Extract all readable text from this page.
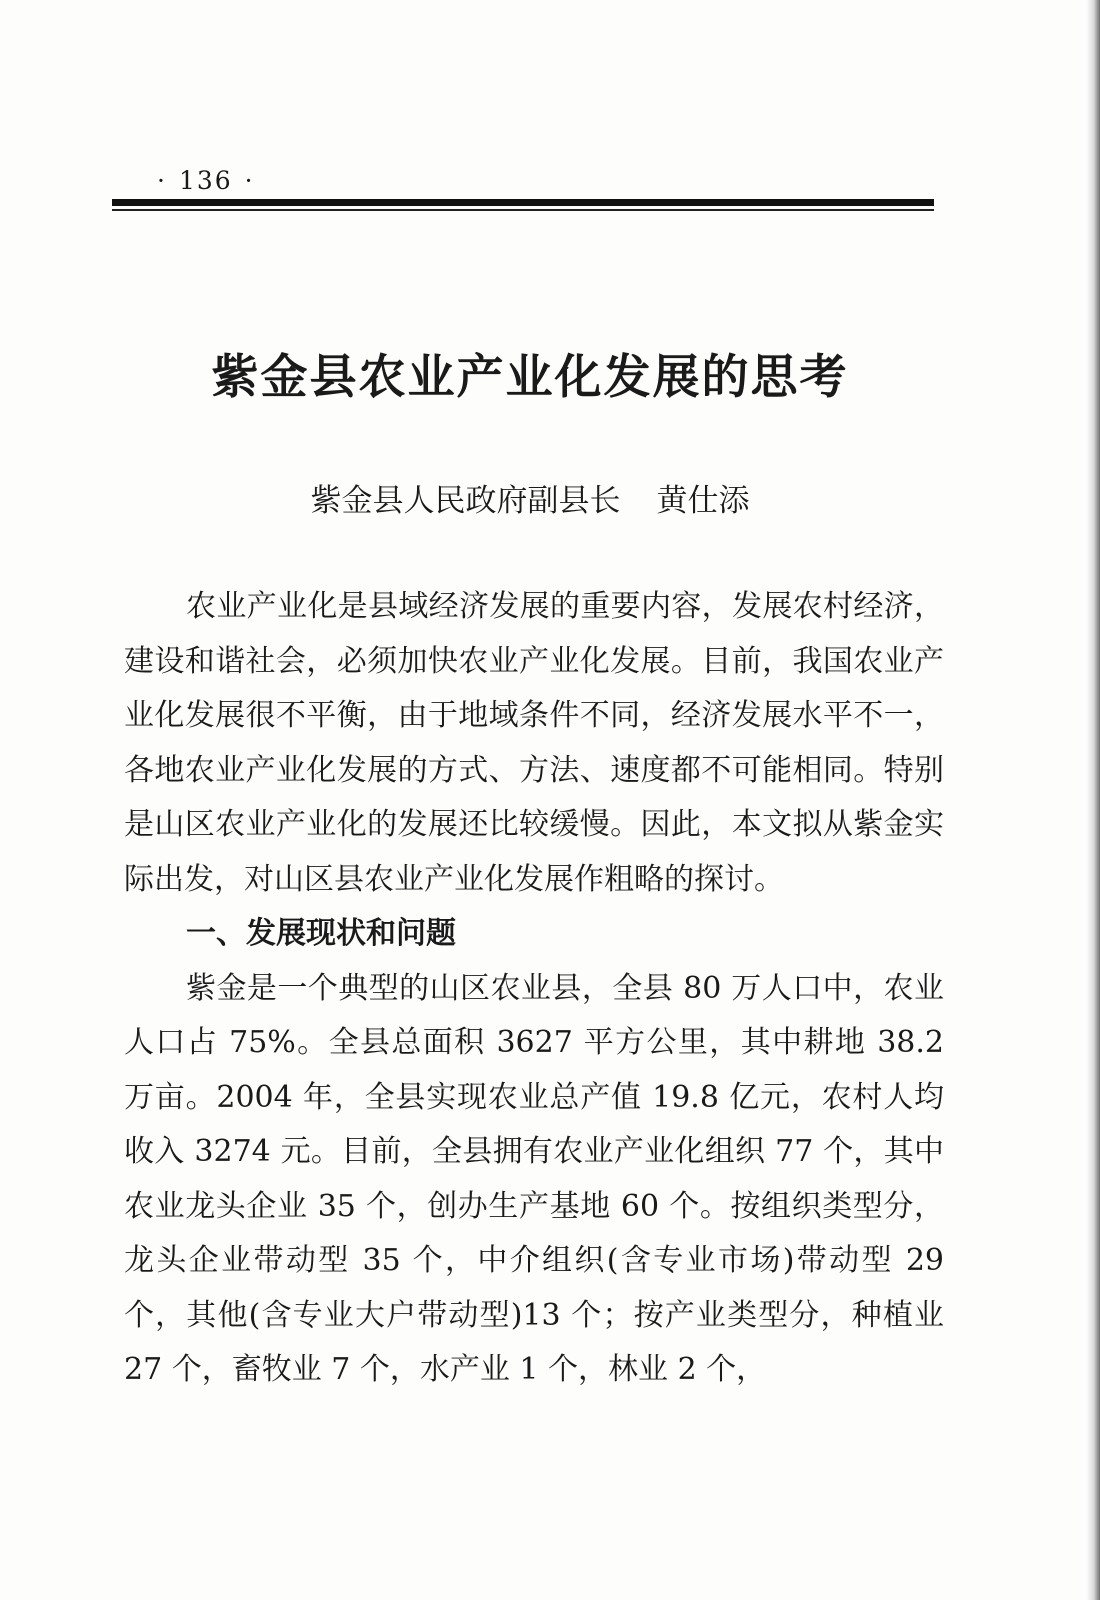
· 136 ·
紫金县农业产业化发展的思考
紫金县人民政府副县长 黄仕添

农业产业化是县域经济发展的重要内容，发展农村经济，建设和谐社会，必须加快农业产业化发展。目前，我国农业产业化发展很不平衡，由于地域条件不同，经济发展水平不一，各地农业产业化发展的方式、方法、速度都不可能相同。特别是山区农业产业化的发展还比较缓慢。因此，本文拟从紫金实际出发，对山区县农业产业化发展作粗略的探讨。

一、发展现状和问题

紫金是一个典型的山区农业县，全县 80 万人口中，农业人口占 75%。全县总面积 3627 平方公里，其中耕地 38.2 万亩。2004 年，全县实现农业总产值 19.8 亿元，农村人均收入 3274 元。目前，全县拥有农业产业化组织 77 个，其中农业龙头企业 35 个，创办生产基地 60 个。按组织类型分，龙头企业带动型 35 个，中介组织(含专业市场)带动型 29 个，其他(含专业大户带动型)13 个；按产业类型分，种植业 27 个，畜牧业 7 个，水产业 1 个，林业 2 个，
